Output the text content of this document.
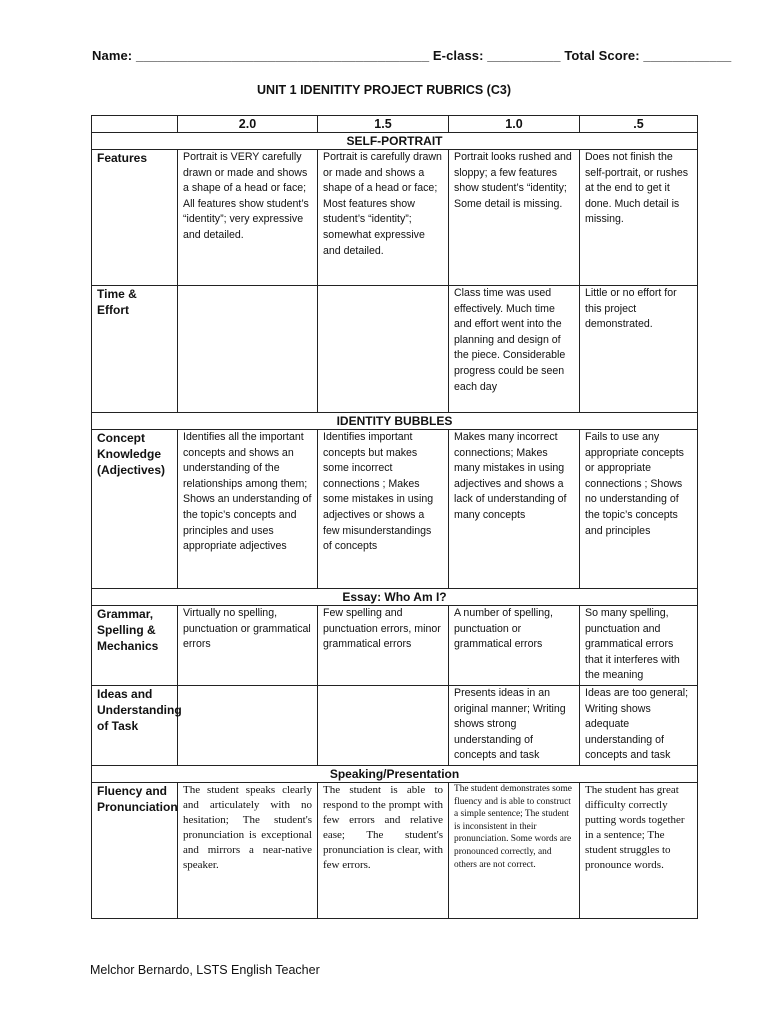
Name: ________________________________________ E-class: __________ Total Score: ____________
UNIT 1 IDENITITY PROJECT RUBRICS (C3)
	2.0	1.5	1.0	.5
SELF-PORTRAIT				
Features	Portrait is VERY carefully drawn or made and shows a shape of a head or face; All features show student’s “identity”; very expressive and detailed.	Portrait is carefully drawn or made and shows a shape of a head or face; Most features show student’s “identity”; somewhat expressive and detailed.	Portrait looks rushed and sloppy; a few features show student’s “identity; Some detail is missing.	Does not finish the self-portrait, or rushes at the end to get it done. Much detail is missing.
Time & Effort			Class time was used effectively. Much time and effort went into the planning and design of the piece. Considerable progress could be seen each day	Little or no effort for this project demonstrated.
IDENTITY BUBBLES				
Concept Knowledge (Adjectives)	Identifies all the important concepts and shows an understanding of the relationships among them; Shows an understanding of the topic’s concepts and principles and uses appropriate adjectives	Identifies important concepts but makes some incorrect connections ; Makes some mistakes in using adjectives or shows a few misunderstandings of concepts	Makes many incorrect connections; Makes many mistakes in using adjectives and shows a lack of understanding of many concepts	Fails to use any appropriate concepts or appropriate connections ; Shows no understanding of the topic’s concepts and principles
Essay: Who Am I?				
Grammar, Spelling & Mechanics	Virtually no spelling, punctuation or grammatical errors	Few spelling and punctuation errors, minor grammatical errors	A number of spelling, punctuation or grammatical errors	So many spelling, punctuation and grammatical errors that it interferes with the meaning
Ideas and Understanding of Task			Presents ideas in an original manner; Writing shows strong understanding of concepts and task	Ideas are too general; Writing shows adequate understanding of concepts and task
Speaking/Presentation				
Fluency and Pronunciation	The student speaks clearly and articulately with no hesitation; The student's pronunciation is exceptional and mirrors a near-native speaker.	The student is able to respond to the prompt with few errors and relative ease; The student's pronunciation is clear, with few errors.	The student demonstrates some fluency and is able to construct a simple sentence; The student is inconsistent in their pronunciation. Some words are pronounced correctly, and others are not correct.	The student has great difficulty correctly putting words together in a sentence; The student struggles to pronounce words.
Melchor Bernardo, LSTS English Teacher
